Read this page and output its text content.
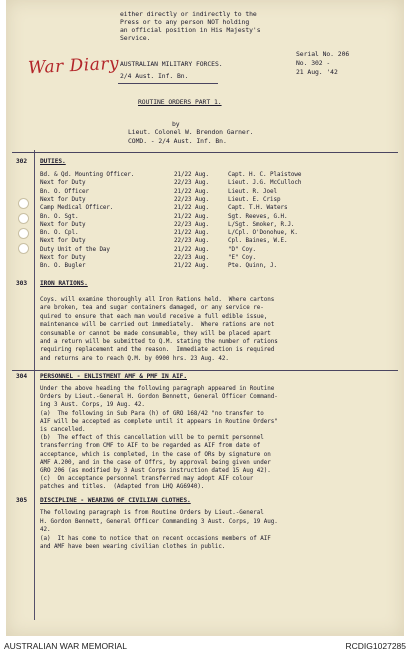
either directly or indirectly to the
Press or to any person NOT holding
an official position in His Majesty's
Service.
War Diary AUSTRALIAN MILITARY FORCES.
Serial No. 206
No. 302 -
21 Aug. '42
2/4 Aust. Inf. Bn.
ROUTINE ORDERS PART 1.
by
Lieut. Colonel W. Brendon Garner.
COMD. - 2/4 Aust. Inf. Bn.
302 DUTIES.
Bd. & Qd. Mounting Officer.	21/22 Aug.	Capt. H. C. Plaistowe
Next for Duty	22/23 Aug.	Lieut. J.G. McCulloch
Bn. O. Officer	21/22 Aug.	Lieut. R. Joel
Next for Duty	22/23 Aug.	Lieut. E. Crisp
Camp Medical Officer.	21/22 Aug.	Capt. T.H. Waters
Bn. O. Sgt.	21/22 Aug.	Sgt. Reeves, G.H.
Next for Duty	22/23 Aug.	L/Sgt. Smoker, R.J.
Bn. O. Cpl.	21/22 Aug.	L/Cpl. O'Donohue, K.
Next for Duty	22/23 Aug.	Cpl. Baines, W.E.
Duty Unit of the Day	21/22 Aug.	"D" Coy.
Next for Duty	22/23 Aug.	"E" Coy.
Bn. O. Bugler	21/22 Aug.	Pte. Quinn, J.
303 IRON RATIONS.
Coys. will examine thoroughly all Iron Rations held.  Where cartons
are broken, tea and sugar containers damaged, or any service re-
quired to ensure that each man would receive a full edible issue,
maintenance will be carried out immediately.  Where rations are not
consumable or cannot be made consumable, they will be placed apart
and a return will be submitted to Q.M. stating the number of rations
requiring replacement and the reason.  Immediate action is required
and returns are to reach Q.M. by 0900 hrs. 23 Aug. 42.
304 PERSONNEL - ENLISTMENT AMF & PMF IN AIF.
Under the above heading the following paragraph appeared in Routine
Orders by Lieut.-General H. Gordon Bennett, General Officer Command-
ing 3 Aust. Corps, 19 Aug. 42.
(a)  The following in Sub Para (h) of GRO 168/42 "no transfer to
AIF will be accepted as complete until it appears in Routine Orders"
is cancelled.
(b)  The effect of this cancellation will be to permit personnel
transferring from CMF to AIF to be regarded as AIF from date of
acceptance, which is completed, in the case of ORs by signature on
AMF A.200, and in the case of Offrs, by approval being given under
GRO 206 (as modified by 3 Aust Corps instruction dated 15 Aug 42).
(c)  On acceptance personnel transferred may adopt AIF colour
patches and titles.  (Adapted from LHQ AG6940).
305 DISCIPLINE - WEARING OF CIVILIAN CLOTHES.
The following paragraph is from Routine Orders by Lieut.-General
H. Gordon Bennett, General Officer Commanding 3 Aust. Corps, 19 Aug.
42.
(a)  It has come to notice that on recent occasions members of AIF
and AMF have been wearing civilian clothes in public.
AUSTRALIAN WAR MEMORIAL	RCDIG1027285
